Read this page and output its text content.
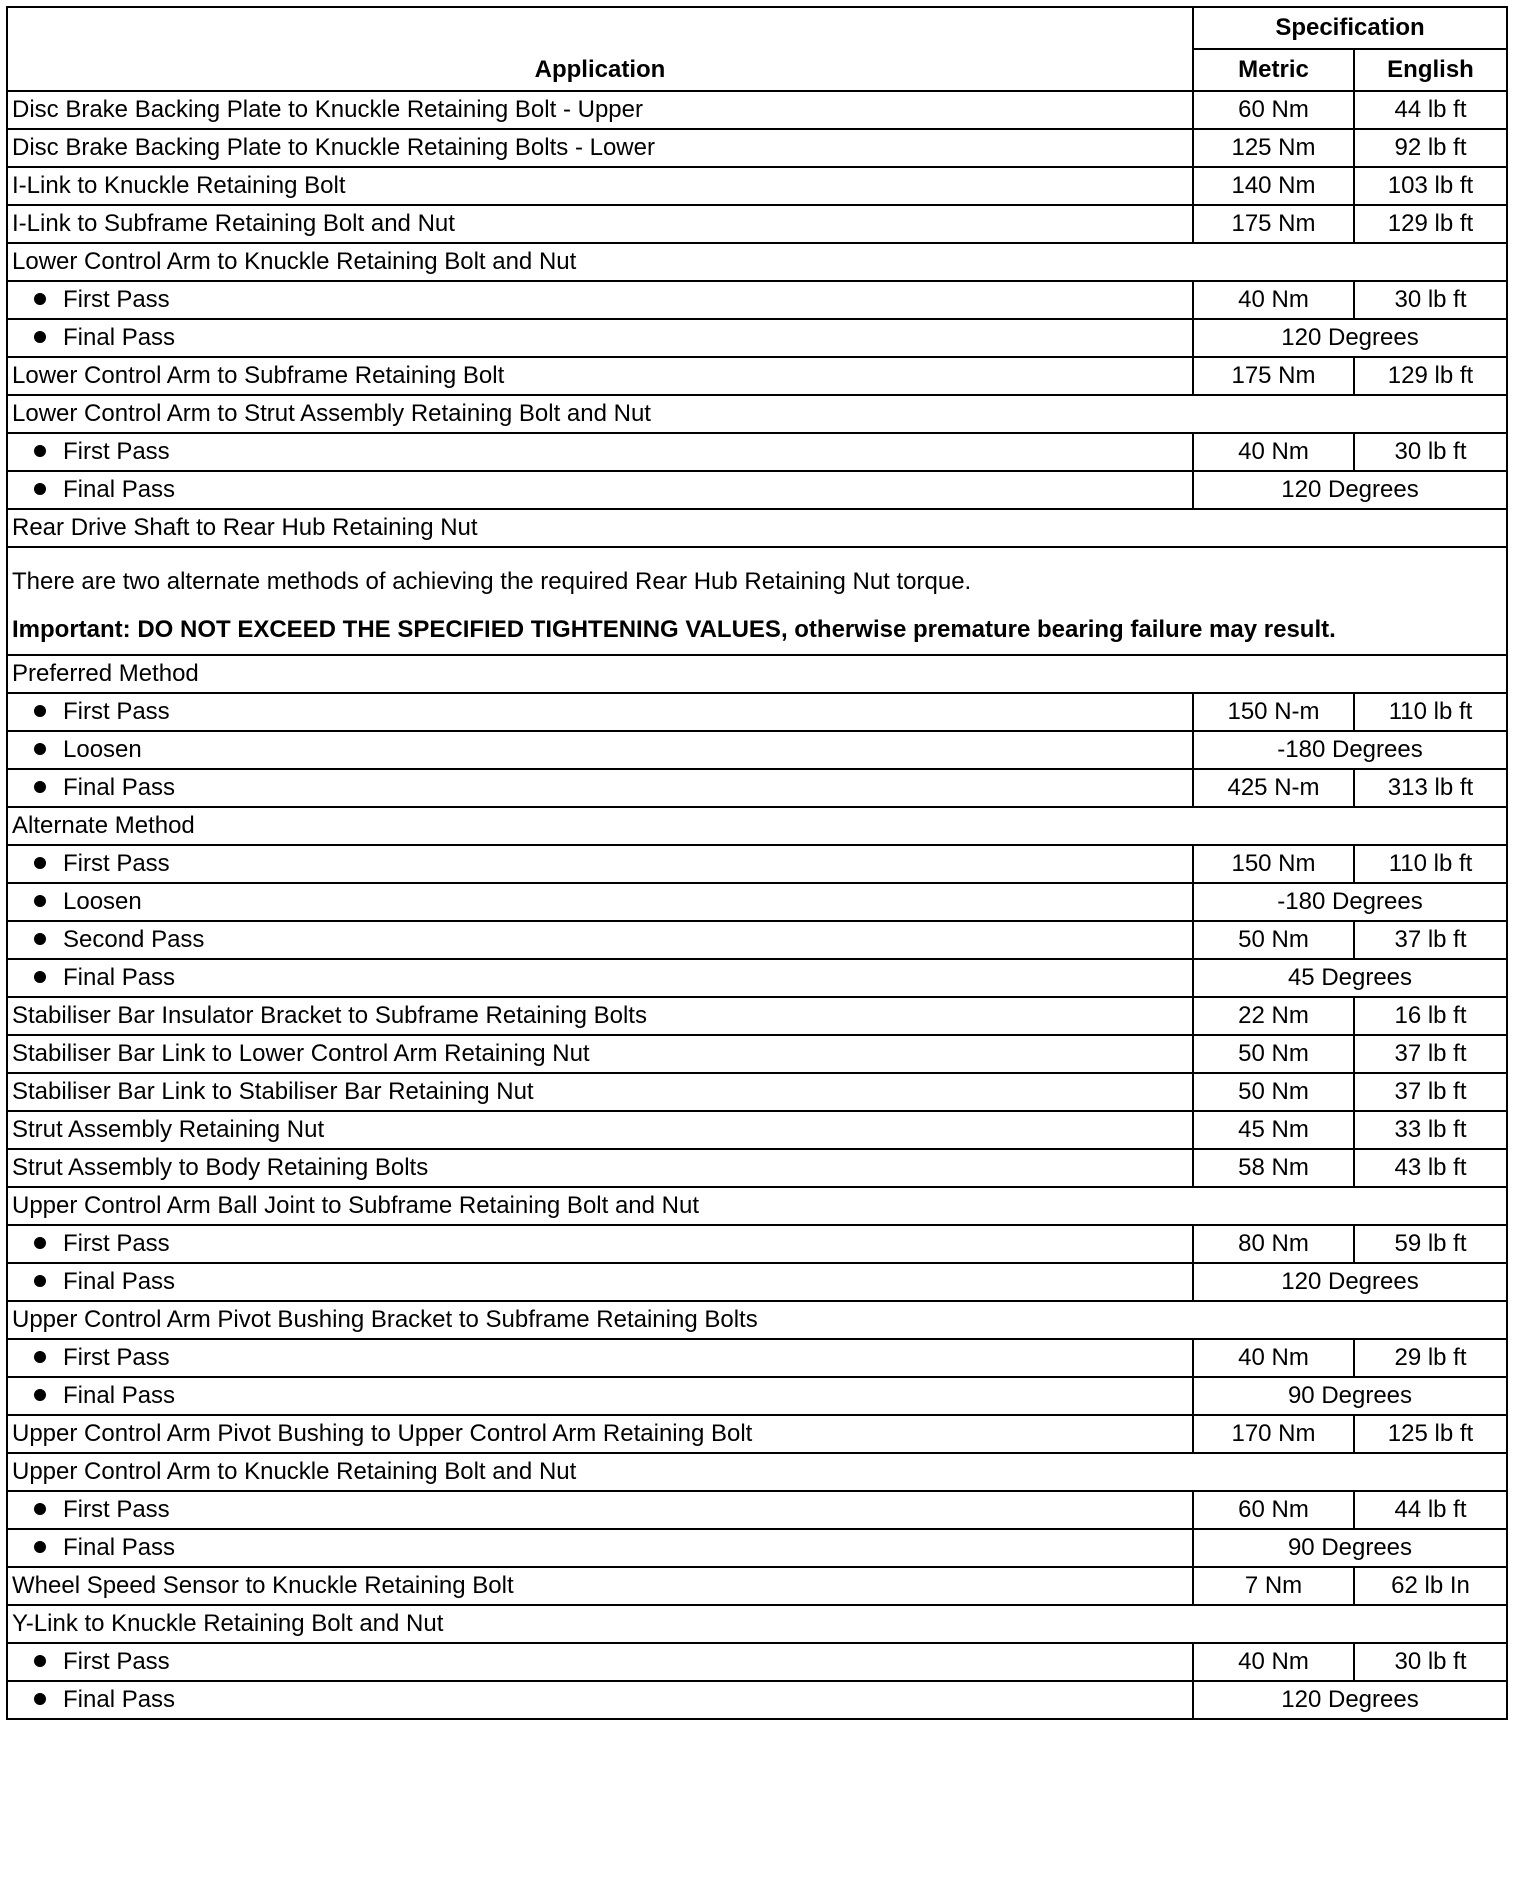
Application	Specification	
	Metric	English
Disc Brake Backing Plate to Knuckle Retaining Bolt - Upper	60 Nm	44 lb ft
Disc Brake Backing Plate to Knuckle Retaining Bolts - Lower	125 Nm	92 lb ft
I-Link to Knuckle Retaining Bolt	140 Nm	103 lb ft
I-Link to Subframe Retaining Bolt and Nut	175 Nm	129 lb ft
Lower Control Arm to Knuckle Retaining Bolt and Nut		
First Pass	40 Nm	30 lb ft
Final Pass	120 Degrees	
Lower Control Arm to Subframe Retaining Bolt	175 Nm	129 lb ft
Lower Control Arm to Strut Assembly Retaining Bolt and Nut		
First Pass	40 Nm	30 lb ft
Final Pass	120 Degrees	
Rear Drive Shaft to Rear Hub Retaining Nut		

There are two alternate methods of achieving the required Rear Hub Retaining Nut torque.
Important: DO NOT EXCEED THE SPECIFIED TIGHTENING VALUES, otherwise premature bearing failure may result.		

Preferred Method		
First Pass	150 N-m	110 lb ft
Loosen	-180 Degrees	
Final Pass	425 N-m	313 lb ft
Alternate Method		
First Pass	150 Nm	110 lb ft
Loosen	-180 Degrees	
Second Pass	50 Nm	37 lb ft
Final Pass	45 Degrees	
Stabiliser Bar Insulator Bracket to Subframe Retaining Bolts	22 Nm	16 lb ft
Stabiliser Bar Link to Lower Control Arm Retaining Nut	50 Nm	37 lb ft
Stabiliser Bar Link to Stabiliser Bar Retaining Nut	50 Nm	37 lb ft
Strut Assembly Retaining Nut	45 Nm	33 lb ft
Strut Assembly to Body Retaining Bolts	58 Nm	43 lb ft
Upper Control Arm Ball Joint to Subframe Retaining Bolt and Nut		
First Pass	80 Nm	59 lb ft
Final Pass	120 Degrees	
Upper Control Arm Pivot Bushing Bracket to Subframe Retaining Bolts		
First Pass	40 Nm	29 lb ft
Final Pass	90 Degrees	
Upper Control Arm Pivot Bushing to Upper Control Arm Retaining Bolt	170 Nm	125 lb ft
Upper Control Arm to Knuckle Retaining Bolt and Nut		
First Pass	60 Nm	44 lb ft
Final Pass	90 Degrees	
Wheel Speed Sensor to Knuckle Retaining Bolt	7 Nm	62 lb In
Y-Link to Knuckle Retaining Bolt and Nut		
First Pass	40 Nm	30 lb ft
Final Pass	120 Degrees	
